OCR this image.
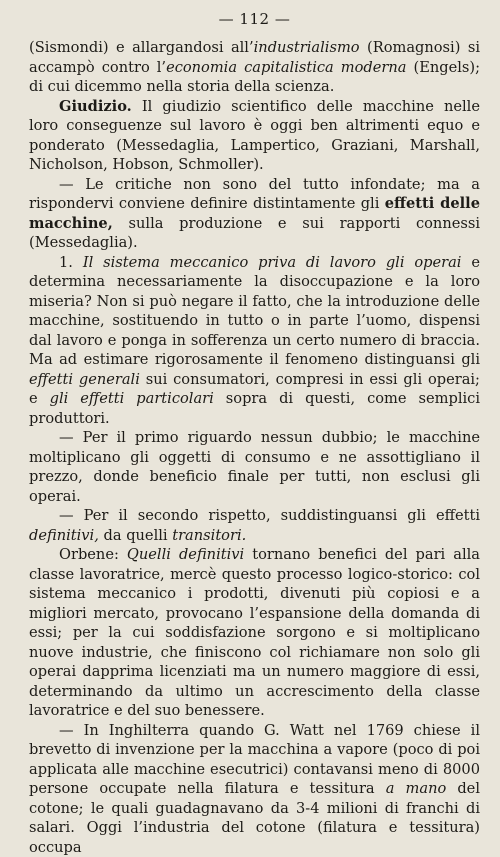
— 112 —

(Sismondi) e allargandosi all’industrialismo (Romagnosi) si accampò contro l’economia capitalistica moderna (Engels); di cui dicemmo nella storia della scienza.

Giudizio. Il giudizio scientifico delle macchine nelle loro conseguenze sul lavoro è oggi ben altrimenti equo e ponderato (Messedaglia, Lampertico, Graziani, Marshall, Nicholson, Hobson, Schmoller).

— Le critiche non sono del tutto infondate; ma a rispondervi conviene definire distintamente gli effetti delle macchine, sulla produzione e sui rapporti connessi (Messedaglia).

1. Il sistema meccanico priva di lavoro gli operai e determina necessariamente la disoccupazione e la loro miseria? Non si può negare il fatto, che la introduzione delle macchine, sostituendo in tutto o in parte l’uomo, dispensi dal lavoro e ponga in sofferenza un certo numero di braccia. Ma ad estimare rigorosamente il fenomeno distinguansi gli effetti generali sui consumatori, compresi in essi gli operai; e gli effetti particolari sopra di questi, come semplici produttori.

— Per il primo riguardo nessun dubbio; le macchine moltiplicano gli oggetti di consumo e ne assottigliano il prezzo, donde beneficio finale per tutti, non esclusi gli operai.

— Per il secondo rispetto, suddistinguansi gli effetti definitivi, da quelli transitori.

Orbene: Quelli definitivi tornano benefici del pari alla classe lavoratrice, mercè questo processo logico-storico: col sistema meccanico i prodotti, divenuti più copiosi e a migliori mercato, provocano l’espansione della domanda di essi; per la cui soddisfazione sorgono e si moltiplicano nuove industrie, che finiscono col richiamare non solo gli operai dapprima licenziati ma un numero maggiore di essi, determinando da ultimo un accrescimento della classe lavoratrice e del suo benessere.

— In Inghilterra quando G. Watt nel 1769 chiese il brevetto di invenzione per la macchina a vapore (poco di poi applicata alle macchine esecutrici) contavansi meno di 8000 persone occupate nella filatura e tessitura a mano del cotone; le quali guadagnavano da 3-4 milioni di franchi di salari. Oggi l’industria del cotone (filatura e tessitura) occupa
